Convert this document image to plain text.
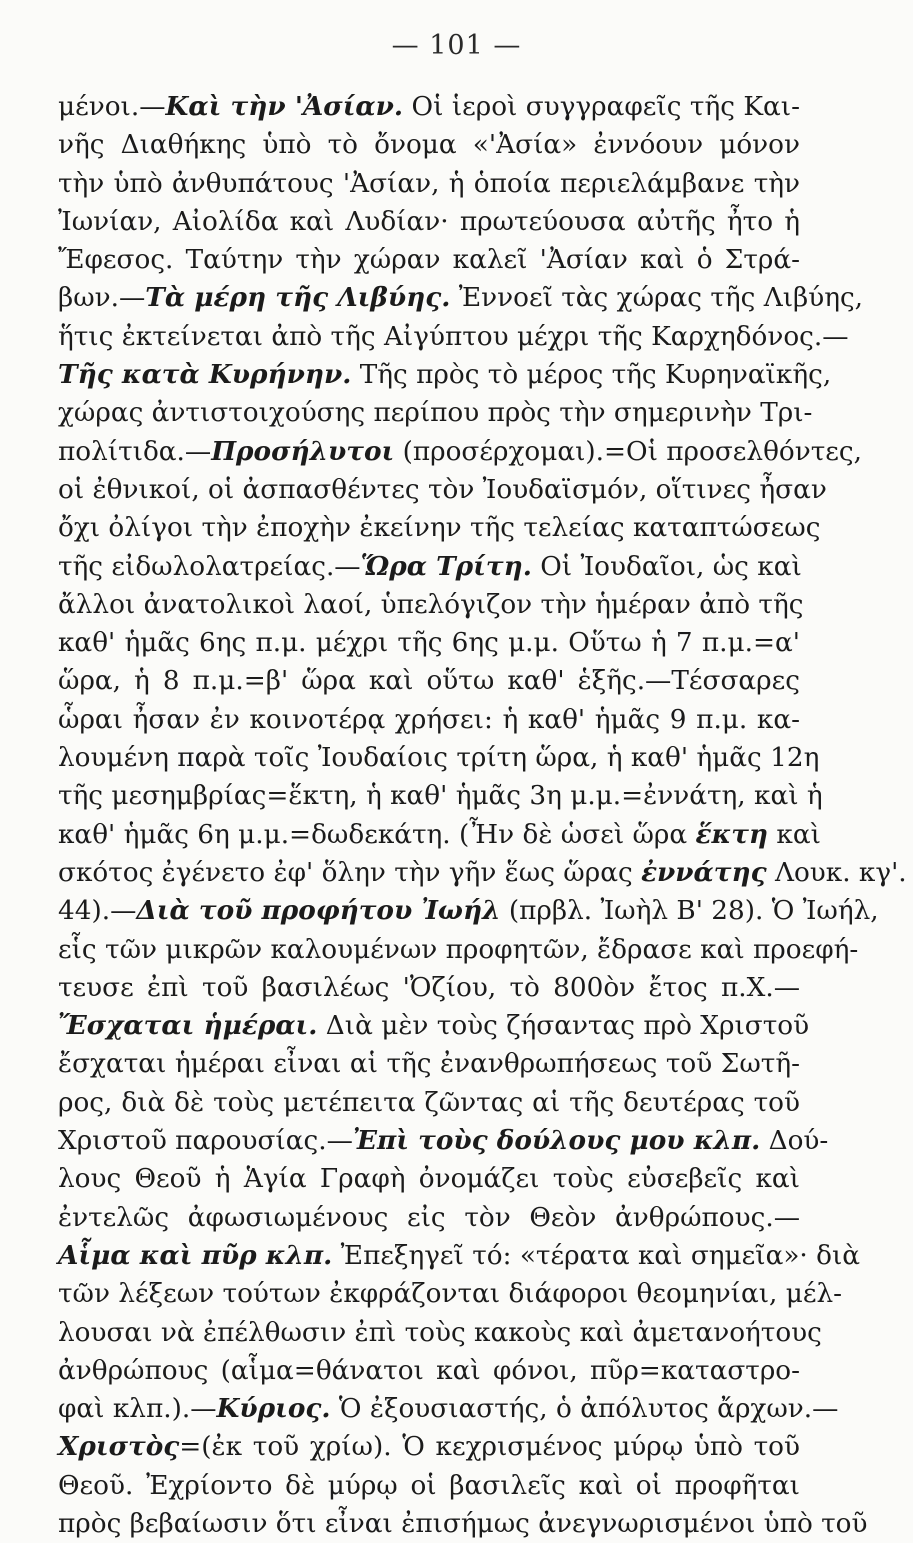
— 101 —
μένοι.—Καὶ τὴν 'Ἀσίαν. Οἱ ἱεροὶ συγγραφεῖς τῆς Και-
νῆς Διαθήκης ὑπὸ τὸ ὄνομα «'Ἀσία» ἐννόουν μόνον
τὴν ὑπὸ ἀνθυπάτους 'Ἀσίαν, ἡ ὁποία περιελάμβανε τὴν
Ἰωνίαν, Αἰολίδα καὶ Λυδίαν· πρωτεύουσα αὐτῆς ἦτο ἡ
Ἔφεσος. Ταύτην τὴν χώραν καλεῖ 'Ἀσίαν καὶ ὁ Στρά-
βων.—Τὰ μέρη τῆς Λιβύης. Ἐννοεῖ τὰς χώρας τῆς Λιβύης,
ἥτις ἐκτείνεται ἀπὸ τῆς Αἰγύπτου μέχρι τῆς Καρχηδόνος.—
Τῆς κατὰ Κυρήνην. Τῆς πρὸς τὸ μέρος τῆς Κυρηναϊκῆς,
χώρας ἀντιστοιχούσης περίπου πρὸς τὴν σημερινὴν Τρι-
πολίτιδα.—Προσήλυτοι (προσέρχομαι).=Οἱ προσελθόντες,
οἱ ἐθνικοί, οἱ ἀσπασθέντες τὸν Ἰουδαϊσμόν, οἵτινες ἦσαν
ὄχι ὀλίγοι τὴν ἐποχὴν ἐκείνην τῆς τελείας καταπτώσεως
τῆς εἰδωλολατρείας.—Ὥρα Τρίτη. Οἱ Ἰουδαῖοι, ὡς καὶ
ἄλλοι ἀνατολικοὶ λαοί, ὑπελόγιζον τὴν ἡμέραν ἀπὸ τῆς
καθ' ἡμᾶς 6ης π.μ. μέχρι τῆς 6ης μ.μ. Οὕτω ἡ 7 π.μ.=α'
ὥρα, ἡ 8 π.μ.=β' ὥρα καὶ οὕτω καθ' ἑξῆς.—Τέσσαρες
ὧραι ἦσαν ἐν κοινοτέρᾳ χρήσει: ἡ καθ' ἡμᾶς 9 π.μ. κα-
λουμένη παρὰ τοῖς Ἰουδαίοις τρίτη ὥρα, ἡ καθ' ἡμᾶς 12η
τῆς μεσημβρίας=ἕκτη, ἡ καθ' ἡμᾶς 3η μ.μ.=ἐννάτη, καὶ ἡ
καθ' ἡμᾶς 6η μ.μ.=δωδεκάτη. (Ἦν δὲ ὡσεὶ ὥρα ἕκτη καὶ
σκότος ἐγένετο ἐφ' ὅλην τὴν γῆν ἕως ὥρας ἐννάτης Λουκ. κγ'.
44).—Διὰ τοῦ προφήτου Ἰωήλ (πρβλ. Ἰωὴλ Β' 28). Ὁ Ἰωήλ,
εἷς τῶν μικρῶν καλουμένων προφητῶν, ἔδρασε καὶ προεφή-
τευσε ἐπὶ τοῦ βασιλέως 'Ὀζίου, τὸ 800ὸν ἔτος π.Χ.—
Ἔσχαται ἡμέραι. Διὰ μὲν τοὺς ζήσαντας πρὸ Χριστοῦ
ἔσχαται ἡμέραι εἶναι αἱ τῆς ἐνανθρωπήσεως τοῦ Σωτῆ-
ρος, διὰ δὲ τοὺς μετέπειτα ζῶντας αἱ τῆς δευτέρας τοῦ
Χριστοῦ παρουσίας.—Ἐπὶ τοὺς δούλους μου κλπ. Δού-
λους Θεοῦ ἡ Ἁγία Γραφὴ ὀνομάζει τοὺς εὐσεβεῖς καὶ
ἐντελῶς ἀφωσιωμένους εἰς τὸν Θεὸν ἀνθρώπους.—
Αἷμα καὶ πῦρ κλπ. Ἐπεξηγεῖ τό: «τέρατα καὶ σημεῖα»· διὰ
τῶν λέξεων τούτων ἐκφράζονται διάφοροι θεομηνίαι, μέλ-
λουσαι νὰ ἐπέλθωσιν ἐπὶ τοὺς κακοὺς καὶ ἀμετανοήτους
ἀνθρώπους (αἷμα=θάνατοι καὶ φόνοι, πῦρ=καταστρο-
φαὶ κλπ.).—Κύριος. Ὁ ἐξουσιαστής, ὁ ἀπόλυτος ἄρχων.—
Χριστὸς=(ἐκ τοῦ χρίω). Ὁ κεχρισμένος μύρῳ ὑπὸ τοῦ
Θεοῦ. Ἐχρίοντο δὲ μύρῳ οἱ βασιλεῖς καὶ οἱ προφῆται
πρὸς βεβαίωσιν ὅτι εἶναι ἐπισήμως ἀνεγνωρισμένοι ὑπὸ τοῦ
